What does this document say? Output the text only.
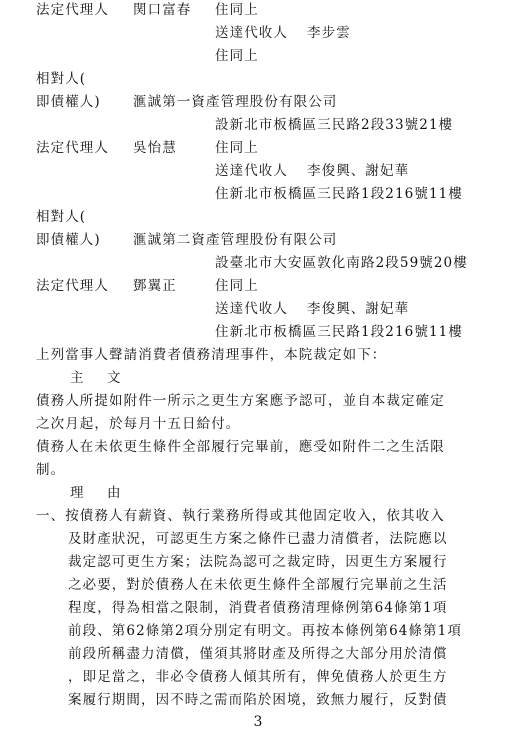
法定代理人 関口富春 住同上
送達代收人 李步雲
住同上
相對人(
即債權人) 滙誠第一資產管理股份有限公司
設新北市板橋區三民路2段33號21樓
法定代理人 吳怡慧	住同上
送達代收人 李俊興、謝妃華
住新北市板橋區三民路1段216號11樓
相對人(
即債權人) 滙誠第二資產管理股份有限公司
設臺北市大安區敦化南路2段59號20樓
法定代理人 鄧翼正	住同上
送達代收人 李俊興、謝妃華
住新北市板橋區三民路1段216號11樓
上列當事人聲請消費者債務清理事件，本院裁定如下：
主　文
債務人所提如附件一所示之更生方案應予認可，並自本裁定確定
之次月起，於每月十五日給付。
債務人在未依更生條件全部履行完畢前，應受如附件二之生活限
制。
理　由
一、按債務人有薪資、執行業務所得或其他固定收入，依其收入
及財產狀況，可認更生方案之條件已盡力清償者，法院應以
裁定認可更生方案；法院為認可之裁定時，因更生方案履行
之必要，對於債務人在未依更生條件全部履行完畢前之生活
程度，得為相當之限制，消費者債務清理條例第64條第1項
前段、第62條第2項分別定有明文。再按本條例第64條第1項
前段所稱盡力清償，僅須其將財產及所得之大部分用於清償
，即足當之，非必令債務人傾其所有，俾免債務人於更生方
案履行期間，因不時之需而陷於困境，致無力履行，反對債
3
